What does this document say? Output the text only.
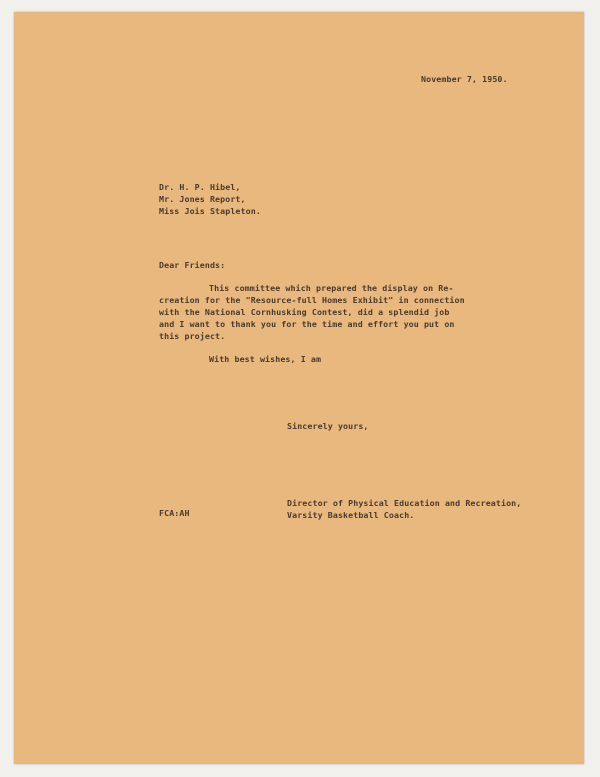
November 7, 1950.
Dr. H. P. Hibel,
Mr. Jones Report,
Miss Jois Stapleton.
Dear Friends:
This committee which prepared the display on Re-
creation for the "Resource-full Homes Exhibit" in connection
with the National Cornhusking Contest, did a splendid job
and I want to thank you for the time and effort you put on
this project.
With best wishes, I am
Sincerely yours,
Director of Physical Education and Recreation,
Varsity Basketball Coach.
FCA:AH
